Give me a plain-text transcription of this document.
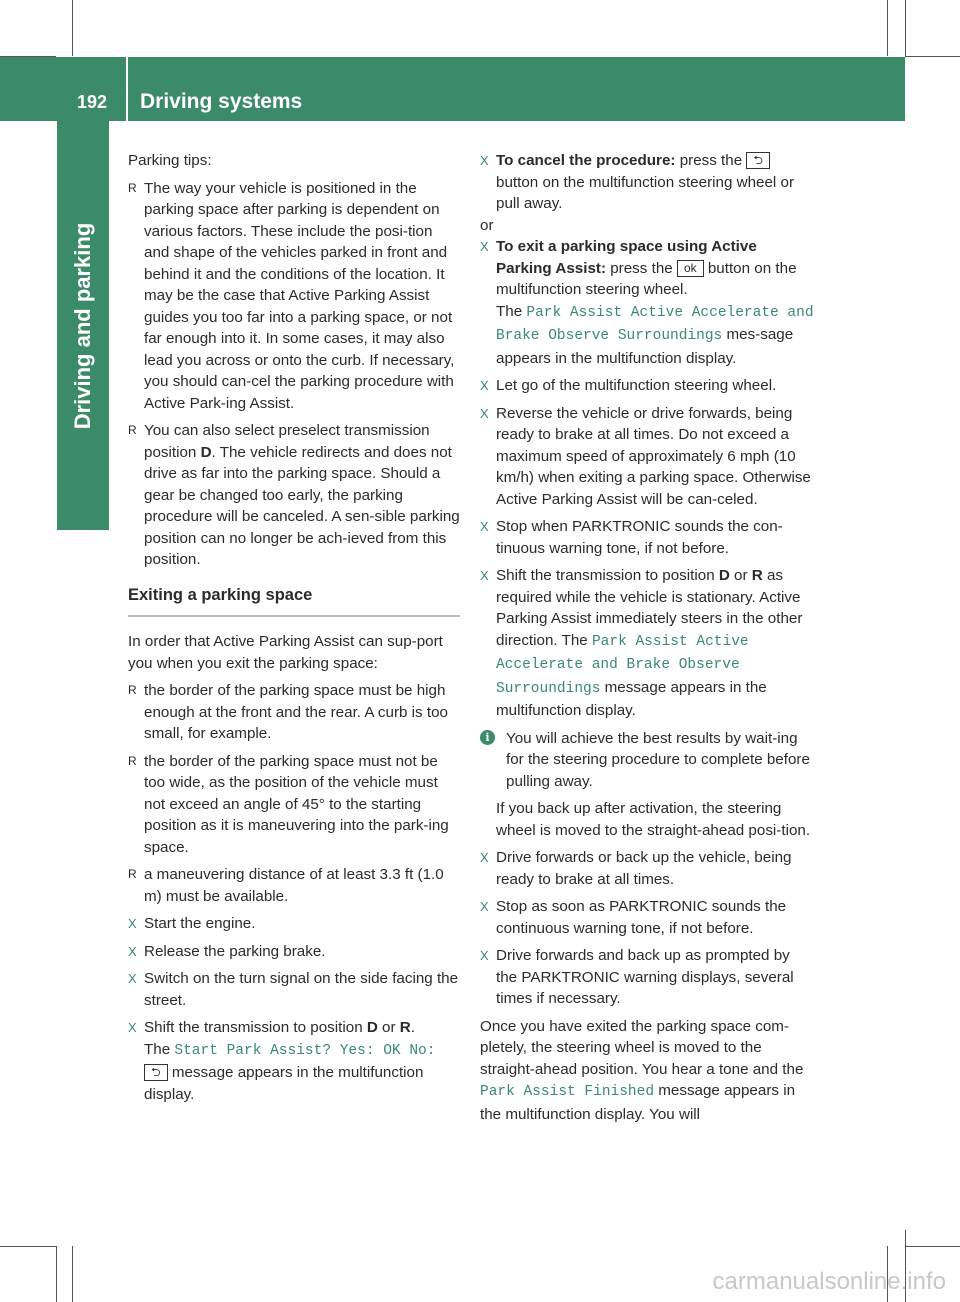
192	Driving systems
Driving and parking

Parking tips:

R The way your vehicle is positioned in the parking space after parking is dependent on various factors. These include the posi-tion and shape of the vehicles parked in front and behind it and the conditions of the location. It may be the case that Active Parking Assist guides you too far into a parking space, or not far enough into it. In some cases, it may also lead you across or onto the curb. If necessary, you should can-cel the parking procedure with Active Park-ing Assist.

R You can also select preselect transmission position D. The vehicle redirects and does not drive as far into the parking space. Should a gear be changed too early, the parking procedure will be canceled. A sen-sible parking position can no longer be ach-ieved from this position.

Exiting a parking space

In order that Active Parking Assist can sup-port you when you exit the parking space:

R the border of the parking space must be high enough at the front and the rear. A curb is too small, for example.

R the border of the parking space must not be too wide, as the position of the vehicle must not exceed an angle of 45° to the starting position as it is maneuvering into the park-ing space.

R a maneuvering distance of at least 3.3 ft (1.0 m) must be available.

X Start the engine.

X Release the parking brake.

X Switch on the turn signal on the side facing the street.

X Shift the transmission to position D or R.
The Start Park Assist? Yes: OK No:
⮌ message appears in the multifunction display.

X To cancel the procedure: press the ⮌ button on the multifunction steering wheel or pull away.

or

X To exit a parking space using Active Parking Assist: press the ok button on the multifunction steering wheel.
The Park Assist Active Accelerate and Brake Observe Surroundings mes-sage appears in the multifunction display.

X Let go of the multifunction steering wheel.

X Reverse the vehicle or drive forwards, being ready to brake at all times. Do not exceed a maximum speed of approximately 6 mph (10 km/h) when exiting a parking space. Otherwise Active Parking Assist will be can-celed.

X Stop when PARKTRONIC sounds the con-tinuous warning tone, if not before.

X Shift the transmission to position D or R as required while the vehicle is stationary. Active Parking Assist immediately steers in the other direction. The Park Assist Active Accelerate and Brake Observe Surroundings message appears in the multifunction display.

i	You will achieve the best results by wait-ing for the steering procedure to complete before pulling away.

If you back up after activation, the steering wheel is moved to the straight-ahead posi-tion.

X Drive forwards or back up the vehicle, being ready to brake at all times.

X Stop as soon as PARKTRONIC sounds the continuous warning tone, if not before.

X Drive forwards and back up as prompted by the PARKTRONIC warning displays, several times if necessary.

Once you have exited the parking space com-pletely, the steering wheel is moved to the straight-ahead position. You hear a tone and the Park Assist Finished message appears in the multifunction display. You will

carmanualsonline.info
